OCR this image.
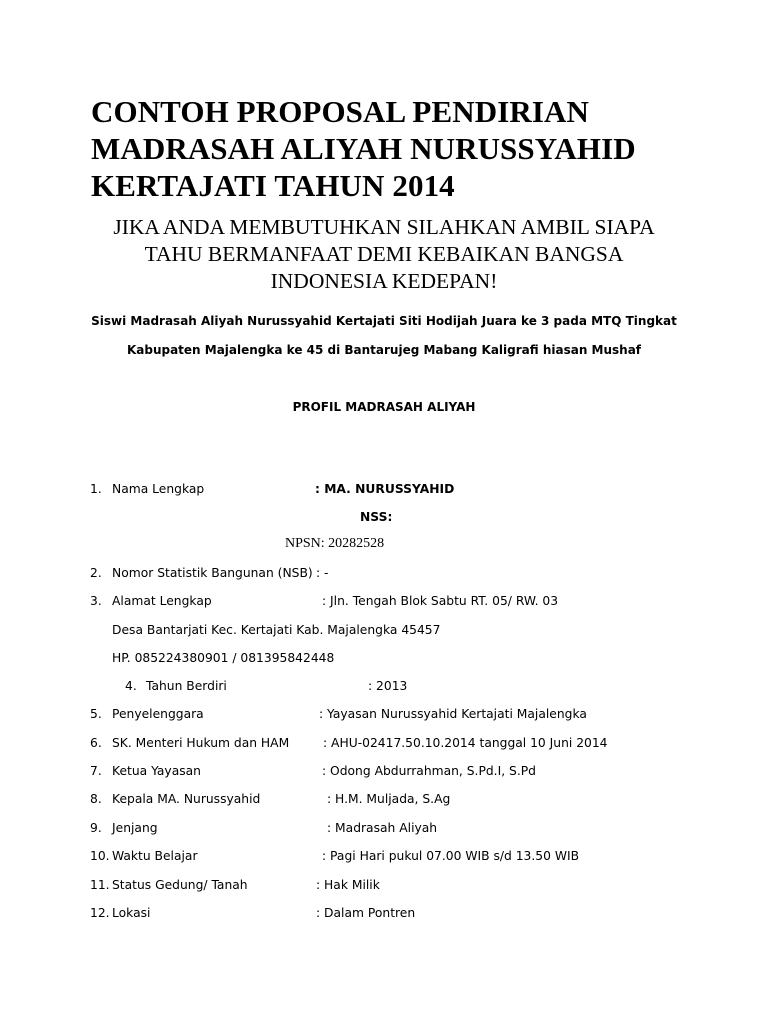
CONTOH PROPOSAL PENDIRIAN
MADRASAH ALIYAH NURUSSYAHID
KERTAJATI TAHUN 2014

JIKA ANDA MEMBUTUHKAN SILAHKAN AMBIL SIAPA
TAHU BERMANFAAT DEMI KEBAIKAN BANGSA
INDONESIA KEDEPAN!

Siswi Madrasah Aliyah Nurussyahid Kertajati Siti Hodijah Juara ke 3 pada MTQ Tingkat
Kabupaten Majalengka ke 45 di Bantarujeg Mabang Kaligrafi hiasan Mushaf
PROFIL MADRASAH ALIYAH
1. Nama Lengkap	: MA. NURUSSYAHID
NSS:
NPSN: 20282528
2. Nomor Statistik Bangunan (NSB) : -
3. Alamat Lengkap	: Jln. Tengah Blok Sabtu RT. 05/ RW. 03
Desa Bantarjati Kec. Kertajati Kab. Majalengka 45457
HP. 085224380901 / 081395842448
4. Tahun Berdiri	: 2013
5. Penyelenggara	: Yayasan Nurussyahid Kertajati Majalengka
6. SK. Menteri Hukum dan HAM	: AHU-02417.50.10.2014 tanggal 10 Juni 2014
7. Ketua Yayasan	: Odong Abdurrahman, S.Pd.I, S.Pd
8. Kepala MA. Nurussyahid	: H.M. Muljada, S.Ag
9. Jenjang	: Madrasah Aliyah
10. Waktu Belajar	: Pagi Hari pukul 07.00 WIB s/d 13.50 WIB
11. Status Gedung/ Tanah	: Hak Milik
12. Lokasi	: Dalam Pontren
